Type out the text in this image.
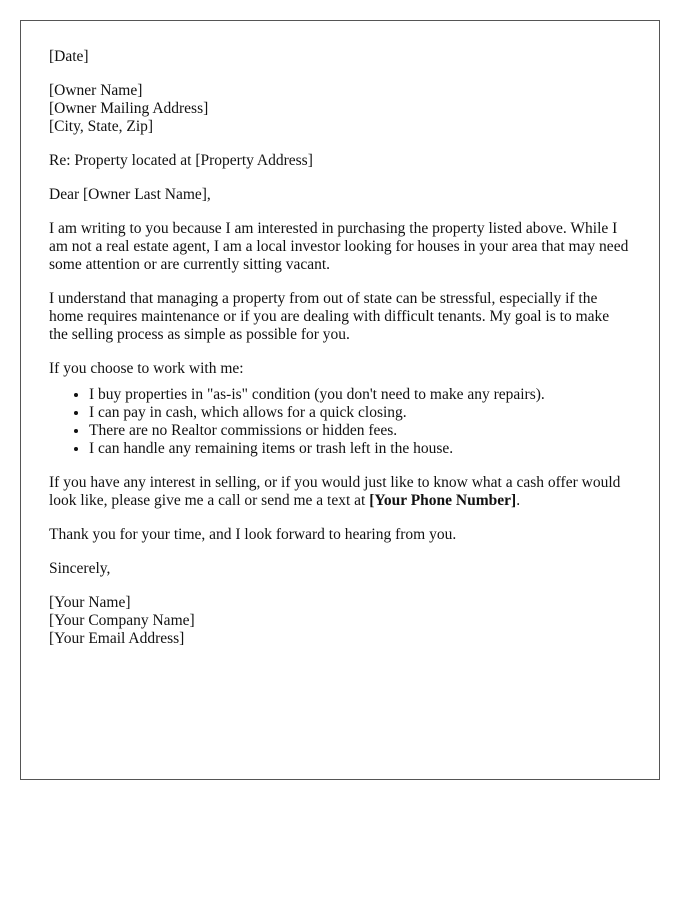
[Date]
[Owner Name]
[Owner Mailing Address]
[City, State, Zip]
Re: Property located at [Property Address]
Dear [Owner Last Name],
I am writing to you because I am interested in purchasing the property listed above. While I am not a real estate agent, I am a local investor looking for houses in your area that may need some attention or are currently sitting vacant.
I understand that managing a property from out of state can be stressful, especially if the home requires maintenance or if you are dealing with difficult tenants. My goal is to make the selling process as simple as possible for you.
If you choose to work with me:
• I buy properties in "as-is" condition (you don't need to make any repairs).
• I can pay in cash, which allows for a quick closing.
• There are no Realtor commissions or hidden fees.
• I can handle any remaining items or trash left in the house.
If you have any interest in selling, or if you would just like to know what a cash offer would look like, please give me a call or send me a text at [Your Phone Number].
Thank you for your time, and I look forward to hearing from you.
Sincerely,
[Your Name]
[Your Company Name]
[Your Email Address]
